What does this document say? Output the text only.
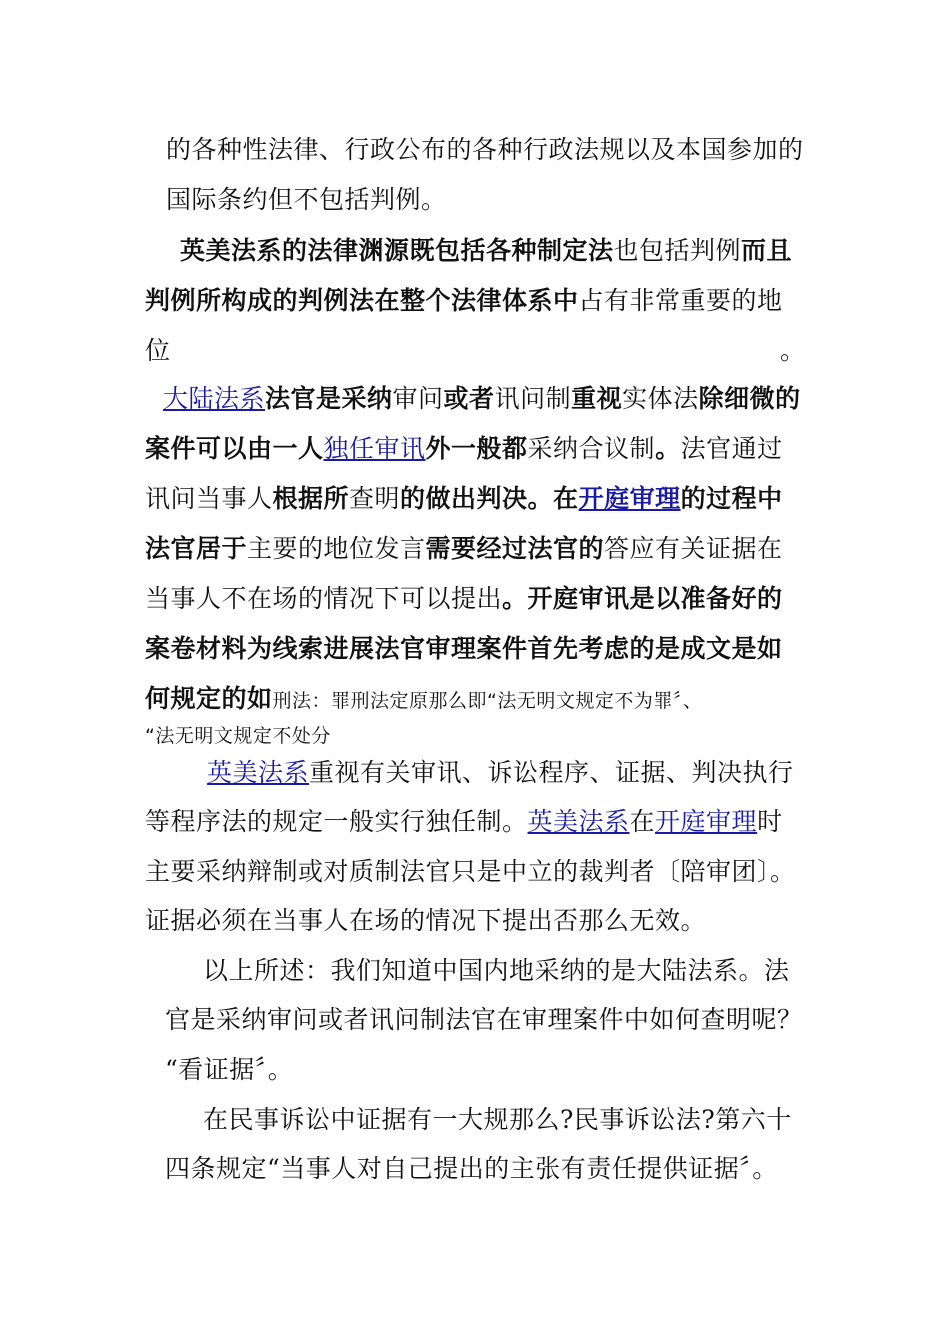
的各种性法律、行政公布的各种行政法规以及本国参加的
国际条约但不包括判例。
英美法系的法律渊源既包括各种制定法也包括判例而且
判例所构成的判例法在整个法律体系中占有非常重要的地
位	。
大陆法系法官是采纳审问或者讯问制重视实体法除细微的
案件可以由一人独任审讯外一般都采纳合议制。法官通过
讯问当事人根据所查明的做出判决。在开庭审理的过程中
法官居于主要的地位发言需要经过法官的答应有关证据在
当事人不在场的情况下可以提出。开庭审讯是以准备好的
案卷材料为线索进展法官审理案件首先考虑的是成文是如
何规定的如刑法：罪刑法定原那么即“法无明文规定不为罪〞、
“法无明文规定不处分
英美法系重视有关审讯、诉讼程序、证据、判决执行
等程序法的规定一般实行独任制。英美法系在开庭审理时
主要采纳辩制或对质制法官只是中立的裁判者〔陪审团〕。
证据必须在当事人在场的情况下提出否那么无效。
以上所述：我们知道中国内地采纳的是大陆法系。法
官是采纳审问或者讯问制法官在审理案件中如何查明呢？
“看证据〞。
在民事诉讼中证据有一大规那么?民事诉讼法?第六十
四条规定“当事人对自己提出的主张有责任提供证据〞。
